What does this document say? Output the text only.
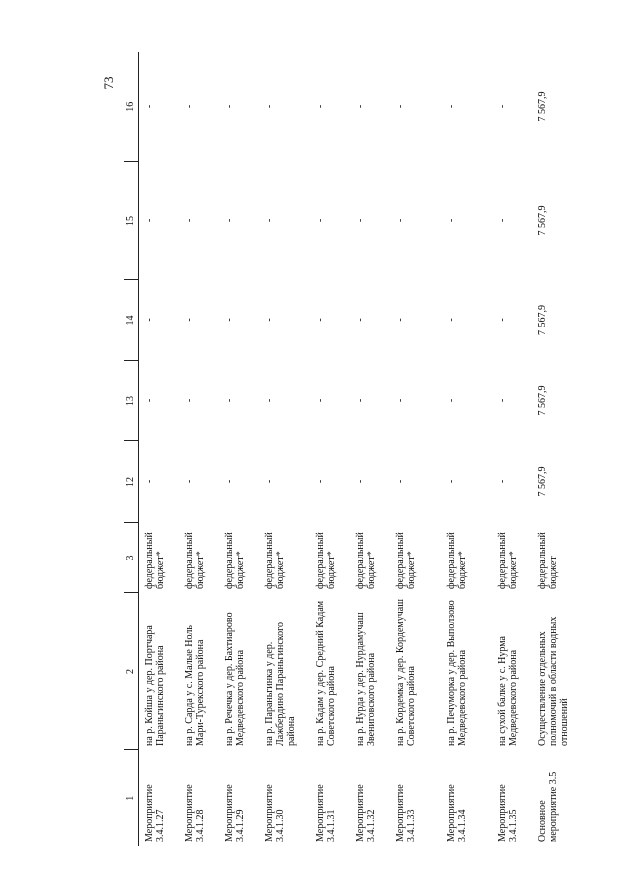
73
1	2	3	12	13	14	15	16
Мероприятие 3.4.1.27	на р. Койша у дер. Портчара Параньгинского района	федеральный бюджет*	-	-	-	-	-
Мероприятие 3.4.1.28	на р. Сарда у с. Малые Ноль Мари-Турекского района	федеральный бюджет*	-	-	-	-	-
Мероприятие 3.4.1.29	на р. Речечка у дер. Бахтиарово Медведевского района	федеральный бюджет*	-	-	-	-	-
Мероприятие 3.4.1.30	на р. Параньгинка у дер. Лажбердино Параньгинского района	федеральный бюджет*	-	-	-	-	-
Мероприятие 3.4.1.31	на р. Кадам у дер. Средний Кадам Советского района	федеральный бюджет*	-	-	-	-	-
Мероприятие 3.4.1.32	на р. Нурда у дер. Нурдамучаш Звениговского района	федеральный бюджет*	-	-	-	-	-
Мероприятие 3.4.1.33	на р. Кордемка у дер. Кордемучаш Советского района	федеральный бюджет*	-	-	-	-	-
Мероприятие 3.4.1.34	на р. Печуморка у дер. Выползово Медведевского района	федеральный бюджет*	-	-	-	-	-
Мероприятие 3.4.1.35	на сухой балке у с. Нурма Медведевского района	федеральный бюджет*	-	-	-	-	-
Основное мероприятие 3.5	Осуществление отдельных полномочий в области водных отношений	федеральный бюджет	7 567,9	7 567,9	7 567,9	7 567,9	7 567,9
